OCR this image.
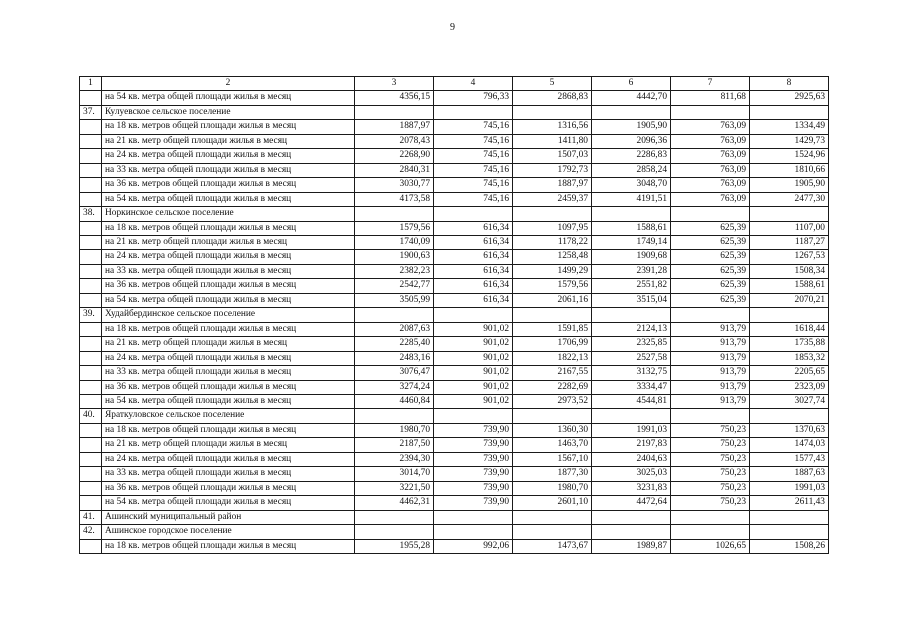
9
1	2	3	4	5	6	7	8
	на 54 кв. метра общей площади жилья в месяц	4356,15	796,33	2868,83	4442,70	811,68	2925,63
37.	Кулуевское сельское поселение						
	на 18 кв. метров общей площади жилья в месяц	1887,97	745,16	1316,56	1905,90	763,09	1334,49
	на 21 кв. метр общей площади жилья в месяц	2078,43	745,16	1411,80	2096,36	763,09	1429,73
	на 24 кв. метра общей площади жилья в месяц	2268,90	745,16	1507,03	2286,83	763,09	1524,96
	на 33 кв. метра общей площади жилья в месяц	2840,31	745,16	1792,73	2858,24	763,09	1810,66
	на 36 кв. метров общей площади жилья в месяц	3030,77	745,16	1887,97	3048,70	763,09	1905,90
	на 54 кв. метра общей площади жилья в месяц	4173,58	745,16	2459,37	4191,51	763,09	2477,30
38.	Норкинское сельское поселение						
	на 18 кв. метров общей площади жилья в месяц	1579,56	616,34	1097,95	1588,61	625,39	1107,00
	на 21 кв. метр общей площади жилья в месяц	1740,09	616,34	1178,22	1749,14	625,39	1187,27
	на 24 кв. метра общей площади жилья в месяц	1900,63	616,34	1258,48	1909,68	625,39	1267,53
	на 33 кв. метра общей площади жилья в месяц	2382,23	616,34	1499,29	2391,28	625,39	1508,34
	на 36 кв. метров общей площади жилья в месяц	2542,77	616,34	1579,56	2551,82	625,39	1588,61
	на 54 кв. метра общей площади жилья в месяц	3505,99	616,34	2061,16	3515,04	625,39	2070,21
39.	Худайбердинское сельское поселение						
	на 18 кв. метров общей площади жилья в месяц	2087,63	901,02	1591,85	2124,13	913,79	1618,44
	на 21 кв. метр общей площади жилья в месяц	2285,40	901,02	1706,99	2325,85	913,79	1735,88
	на 24 кв. метра общей площади жилья в месяц	2483,16	901,02	1822,13	2527,58	913,79	1853,32
	на 33 кв. метра общей площади жилья в месяц	3076,47	901,02	2167,55	3132,75	913,79	2205,65
	на 36 кв. метров общей площади жилья в месяц	3274,24	901,02	2282,69	3334,47	913,79	2323,09
	на 54 кв. метра общей площади жилья в месяц	4460,84	901,02	2973,52	4544,81	913,79	3027,74
40.	Яраткуловское сельское поселение						
	на 18 кв. метров общей площади жилья в месяц	1980,70	739,90	1360,30	1991,03	750,23	1370,63
	на 21 кв. метр общей площади жилья в месяц	2187,50	739,90	1463,70	2197,83	750,23	1474,03
	на 24 кв. метра общей площади жилья в месяц	2394,30	739,90	1567,10	2404,63	750,23	1577,43
	на 33 кв. метра общей площади жилья в месяц	3014,70	739,90	1877,30	3025,03	750,23	1887,63
	на 36 кв. метров общей площади жилья в месяц	3221,50	739,90	1980,70	3231,83	750,23	1991,03
	на 54 кв. метра общей площади жилья в месяц	4462,31	739,90	2601,10	4472,64	750,23	2611,43
41.	Ашинский муниципальный район						
42.	Ашинское городское поселение						
	на 18 кв. метров общей площади жилья в месяц	1955,28	992,06	1473,67	1989,87	1026,65	1508,26
